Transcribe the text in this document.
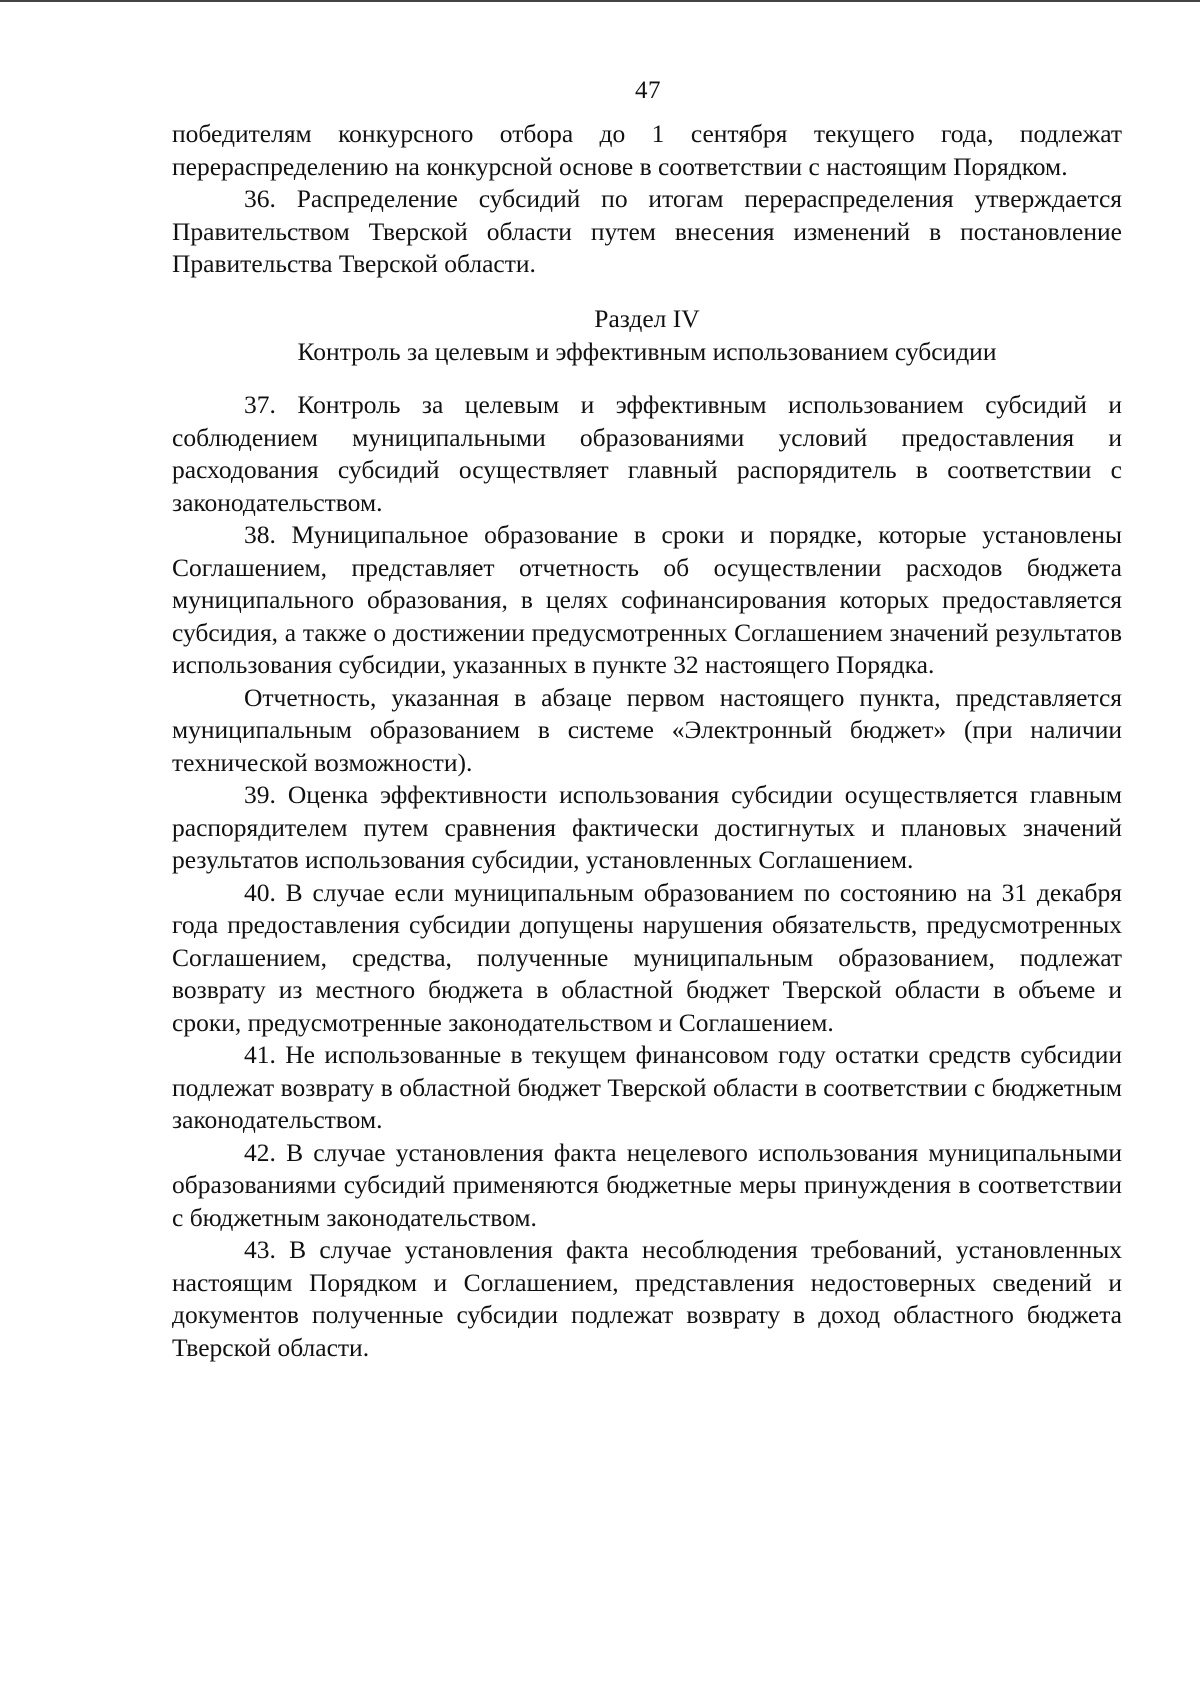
47

победителям конкурсного отбора до 1 сентября текущего года, подлежат перераспределению на конкурсной основе в соответствии с настоящим Порядком.

36. Распределение субсидий по итогам перераспределения утверждается Правительством Тверской области путем внесения изменений в постановление Правительства Тверской области.

Раздел IV

Контроль за целевым и эффективным использованием субсидии

37. Контроль за целевым и эффективным использованием субсидий и соблюдением муниципальными образованиями условий предоставления и расходования субсидий осуществляет главный распорядитель в соответствии с законодательством.

38. Муниципальное образование в сроки и порядке, которые установлены Соглашением, представляет отчетность об осуществлении расходов бюджета муниципального образования, в целях софинансирования которых предоставляется субсидия, а также о достижении предусмотренных Соглашением значений результатов использования субсидии, указанных в пункте 32 настоящего Порядка.

Отчетность, указанная в абзаце первом настоящего пункта, представляется муниципальным образованием в системе «Электронный бюджет» (при наличии технической возможности).

39. Оценка эффективности использования субсидии осуществляется главным распорядителем путем сравнения фактически достигнутых и плановых значений результатов использования субсидии, установленных Соглашением.

40. В случае если муниципальным образованием по состоянию на 31 декабря года предоставления субсидии допущены нарушения обязательств, предусмотренных Соглашением, средства, полученные муниципальным образованием, подлежат возврату из местного бюджета в областной бюджет Тверской области в объеме и сроки, предусмотренные законодательством и Соглашением.

41. Не использованные в текущем финансовом году остатки средств субсидии подлежат возврату в областной бюджет Тверской области в соответствии с бюджетным законодательством.

42. В случае установления факта нецелевого использования муниципальными образованиями субсидий применяются бюджетные меры принуждения в соответствии с бюджетным законодательством.

43. В случае установления факта несоблюдения требований, установленных настоящим Порядком и Соглашением, представления недостоверных сведений и документов полученные субсидии подлежат возврату в доход областного бюджета Тверской области.
